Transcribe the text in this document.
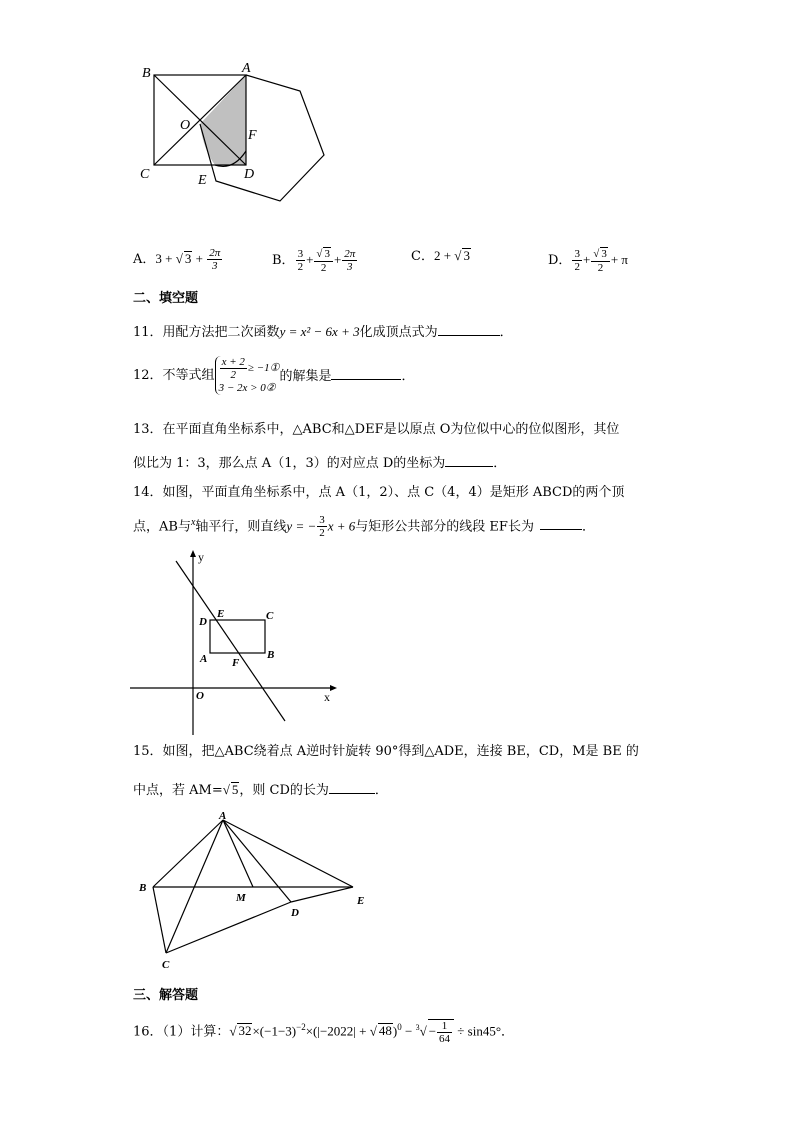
B	A
O
F
C	E	D
A．3 + √ $3 + \frac{2\pi}{3}$	B． $\frac{3}{2} + \frac{√ 3}{2} + \frac{2\pi}{3}$	C．2 + √ 3	D． $\frac{3}{2} + \frac{√ 3}{2} + \pi$
二、填空题
11．用配方法把二次函数y = x² − 6x + 3化成顶点式为	．
12．不等式组 $\frac{x + 2}{2}$ ≥ −1①
3 − 2x > 0②
的解集是	．
13．在平面直角坐标系中，△ABC和△DEF是以原点 O为位似中心的位似图形，其位
似比为 1：3，那么点 A（1，3）的对应点 D的坐标为	．
14．如图，平面直角坐标系中，点 A（1，2）、点 C（4，4）是矩形 ABCD的两个顶
点，AB与$^x$轴平行，则直线y = − $\frac{3}{2}$ x + 6与矩形公共部分的线段 EF长为	．
y
x
O
E	C
D
A F
B
15．如图，把△ABC绕着点 A逆时针旋转 90°得到△ADE，连接 BE，CD，M是 BE 的
中点，若 AM=√ 5，则 CD的长为	．
A
B
M
D
E
C
三、解答题
16．（1）计算：√ $32\times(-1-3)^{-2}\times(|-2022|$ + √ $48)^0 - ^3√ - \frac{1}{64} \div \sin 45^\circ$．
